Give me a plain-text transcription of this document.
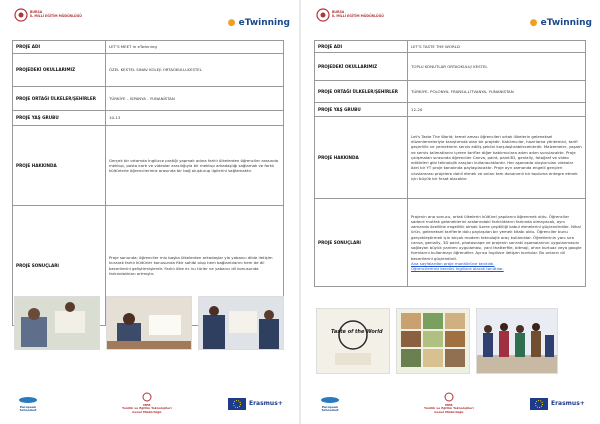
BURSA
İL MİLLİ EĞİTİM MÜDÜRLÜĞÜ
● eTwinning
PROJE ADI	LET'S MEET in eTwinning
PROJEDEKİ OKULLARIMIZ	ÖZEL KESTEL SINAV KOLEJİ ORTAOKULU-KESTEL
PROJE ORTAĞI ÜLKELER/ŞEHİRLER	TÜRKİYE – İSPANYA - YUNANİSTAN
PROJE YAŞ GRUBU	10-13
PROJE HAKKINDA	Gerçek bir ortamda İngilizce pratiği yapmak adına farklı ülkelerden öğrenciler arasında mektup, posta kartı ve videolar aracılığıyla bir mektup arkadaşlığı sağlamak ve farklı kültürlerle öğrencilerimiz arasında bir bağ oluşturup ilgilerini sağlamaktır.
PROJE SONUÇLARI	Proje sonunda; öğrenciler mix başka ülkelerden arkadaşlar yla yabancı dilde iletişim kurarak farklı kültürler konusunda fikir sahibi olup hem bağlantılarını hem de dil becerilerini geliştirmişlerdir. Farklı ülke er. ku türler ve yabancı dil konusunda farkındalıkları artmıştır.
European
Schoolnet
MEB
Yenilik ve Eğitim Teknolojileri
Genel Müdürlüğü
Erasmus+
BURSA
İL MİLLİ EĞİTİM MÜDÜRLÜĞÜ
● eTwinning
PROJE ADI	LET'S TASTE THE WORLD
PROJEDEKİ OKULLARIMIZ	TOPLU KONUTLAR ORTAOKULU/ KESTEL
PROJE ORTAĞI ÜLKELER/ŞEHİRLER	TÜRKİYE- POLONYA- FRANSA-LİTVANYA- YUNANİSTAN
PROJE YAŞ GRUBU	12-20
PROJE HAKKINDA	Let's Taste The World; temel amacı öğrencileri ortak ülkelerin geleneksel düzenlemeleriyle tanıştırmak olan bir projedir. Katılımcılar, hazırlama yöntemini, tarifi geçerlilik ve yemeklerin servis ediliş şeklini karşılaştırabileceklerdir. Malzemeler, yaşam ve servis talimatlarını içeren tarifler diğer katılımcılara adım adım sunulacaktır. Proje çalışmaları sırasında öğrenciler Canva, paint, paint3D, genially, fotoğraf ve video editörleri gibi teknolojik araçları kullanacaklardır. Her aşamada oluşturulan videolar özel bir YT proje kanalında paylaşılacaktır. Proje ayrı zamanda engelli gençleri uluslararası projelere dahil etmek ve onları tam donanımlı bir topluma entegre etmek için büyük bir fırsat olacaktır.
PROJE SONUÇLARI	Projenin ana sonucu, ortak ülkelerin kültürel yapılarını öğrenmek oldu. Öğrenciler sadece mutfak geleneklerini aralarındaki farklılıkların farkında olmayacak, aynı zamanda özellikle engellilik olmak üzere çeşitliliği kabul etmelerini güçlendirdiler. Nihai ürün, geleneksel tariflerle dolu paylaşılan bir yemek kitabı oldu. Öğrenciler bunu gerçekleştirmek için birçok modern teknolojik araç kullandılar. Öğretlerinin yanı sıra canva, genially, 3D paint, photoscape ve projenin sonraki aşamalarının uygulanmasını sağlayan büyük yardımı uygulaması, yani thatterfile, bitmoji, ohne kurtuaz veya google formlarını kullanmayı öğrendiler. Ayrıca İngilizce iletişim kurdular. Bu onların dil becerilerini güçlendirdi.
Ana sayfalardan proje monitörüne tanıtıldı.
Öğrencilerimiz kendini İngilizce olarak tanıttılar.
Taste of the World
European
Schoolnet
MEB
Yenilik ve Eğitim Teknolojileri
Genel Müdürlüğü
Erasmus+
